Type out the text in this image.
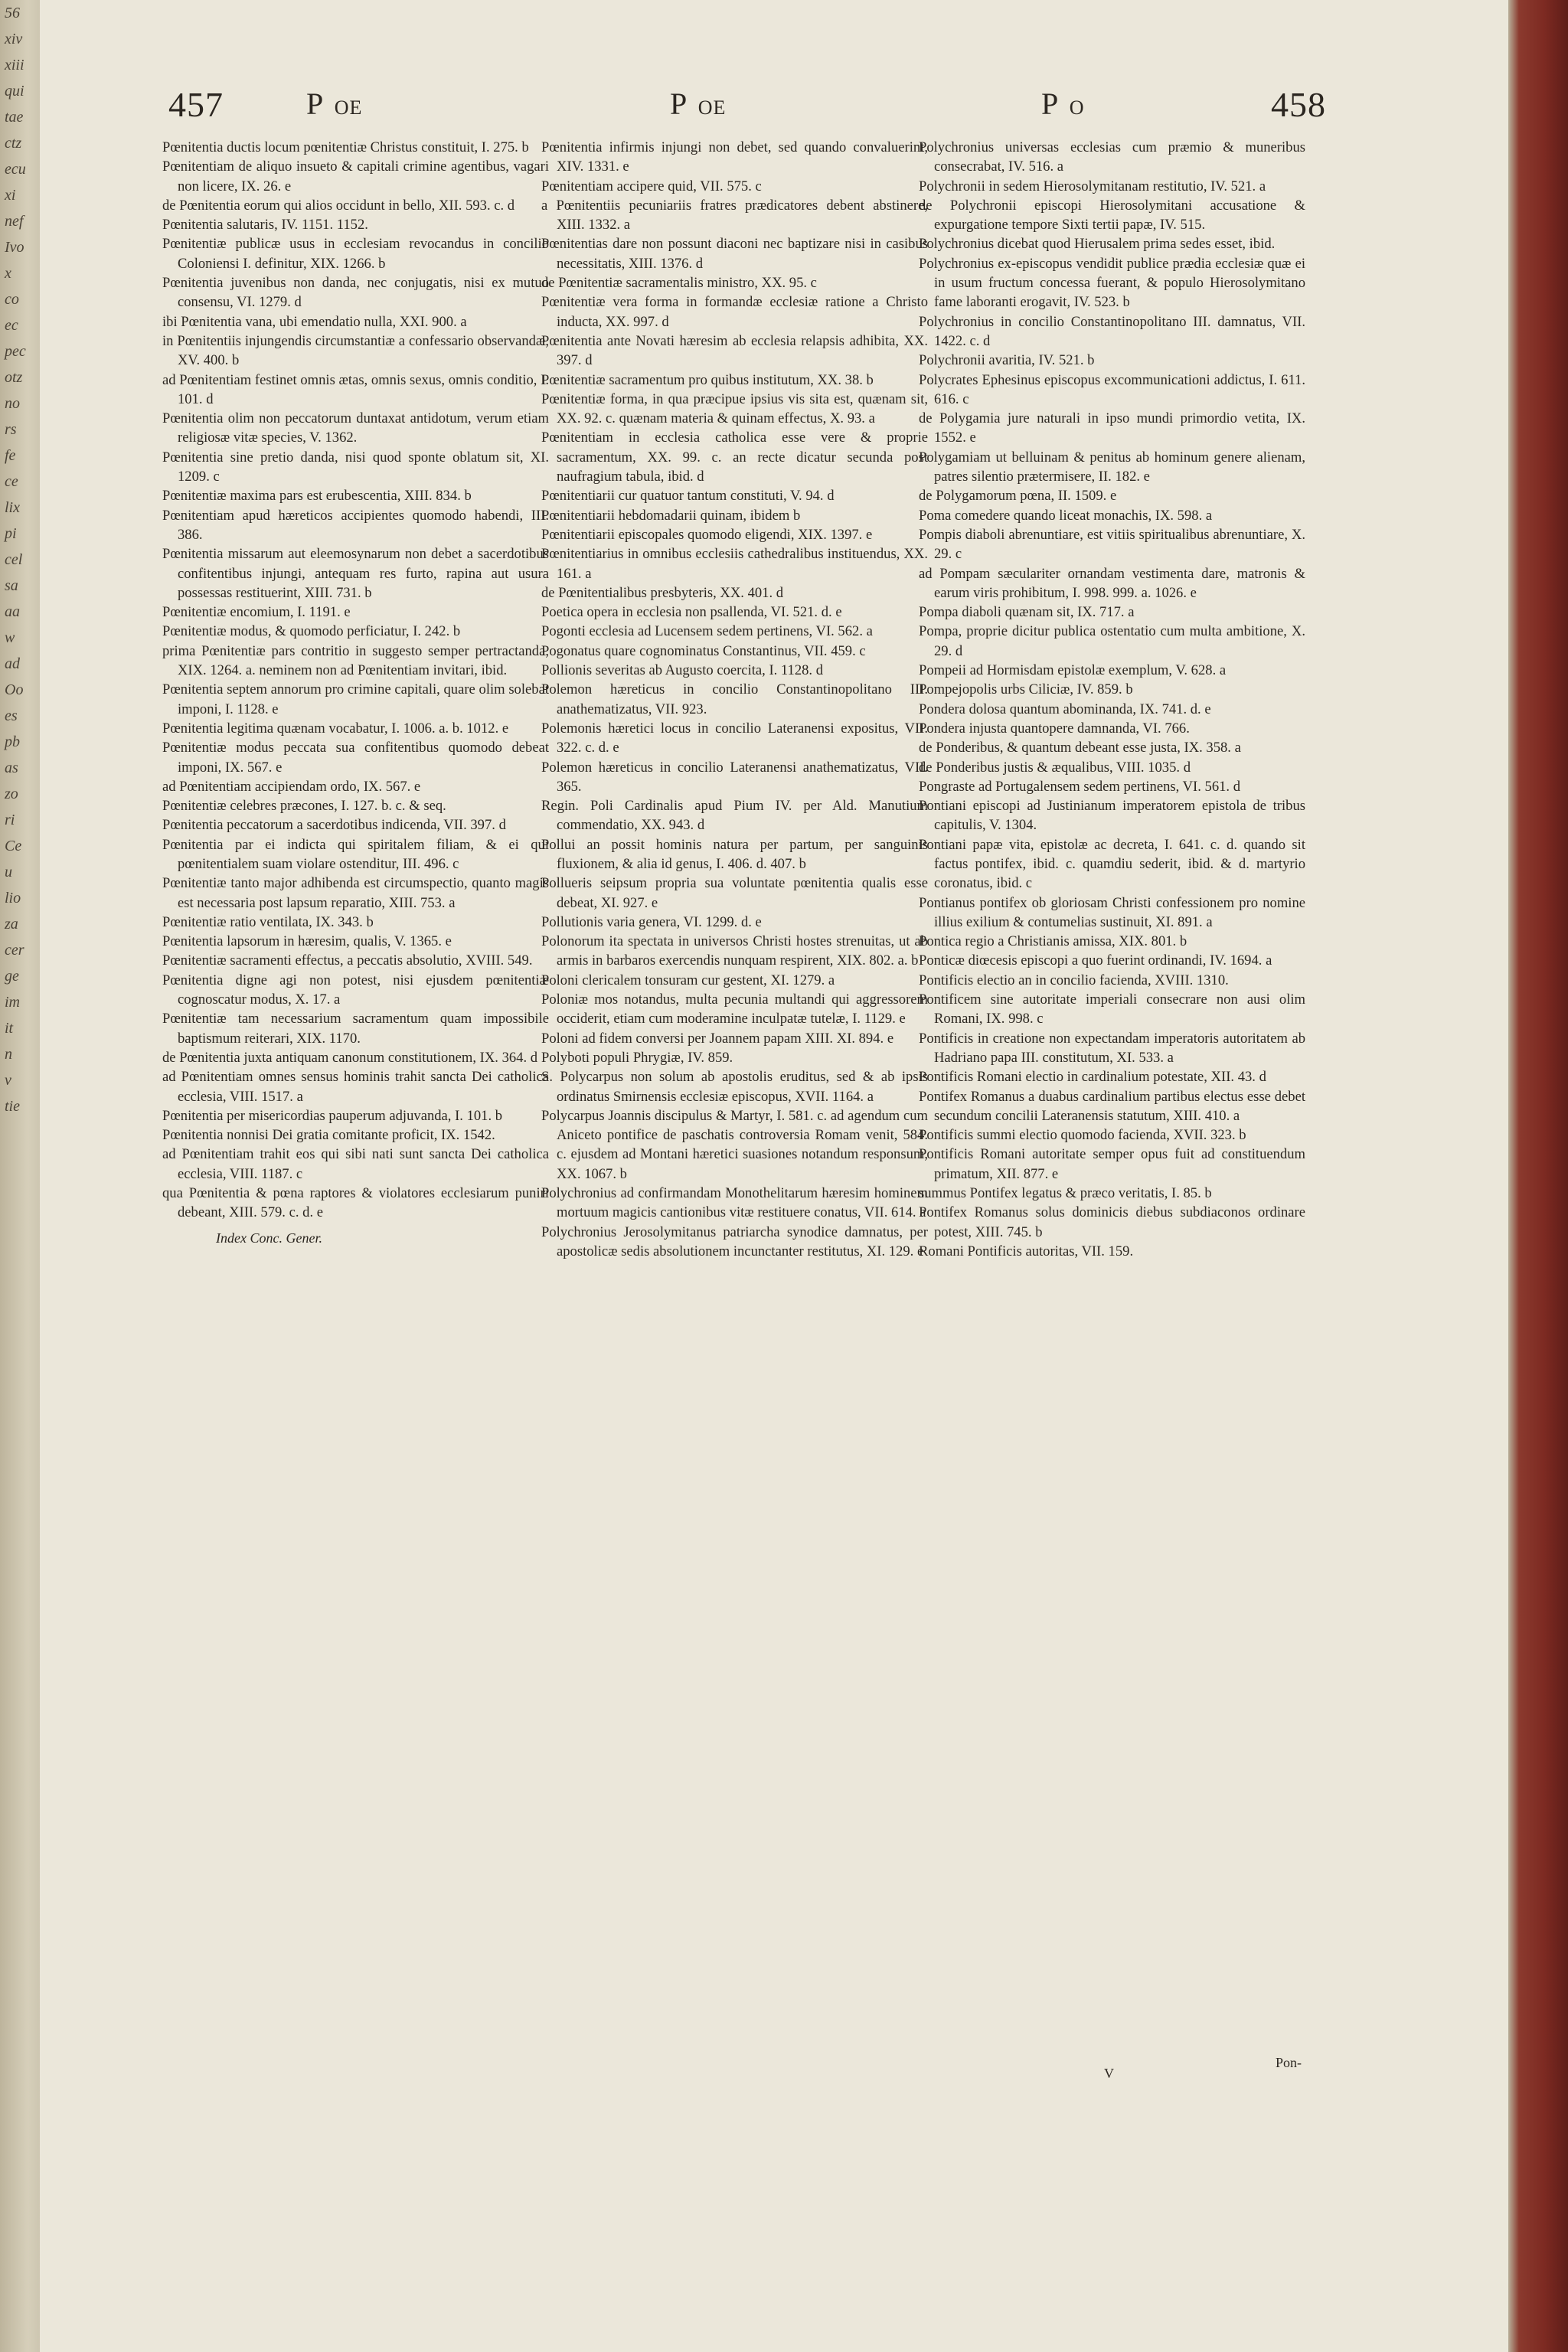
56
xiv
xiii
qui
tae
ctz
ecu
xi
nef
Ivo
x
co
ec
pec
otz
no
rs
fe
ce
lix
pi
cel
sa
aa
w
ad
Oo
es
pb
as
zo
ri
Ce
u
lio
za
cer
ge
im
it
n
v
tie
457	P OE	P OE	P O	458

Pœnitentia ductis locum pœnitentiæ Christus constituit, I. 275. b

Pœnitentiam de aliquo insueto & capitali crimine agentibus, vagari non licere, IX. 26. e

de Pœnitentia eorum qui alios occidunt in bello, XII. 593. c. d

Pœnitentia salutaris, IV. 1151. 1152.

Pœnitentiæ publicæ usus in ecclesiam revocandus in concilio Coloniensi I. definitur, XIX. 1266. b

Pœnitentia juvenibus non danda, nec conjugatis, nisi ex mutuo consensu, VI. 1279. d

ibi Pœnitentia vana, ubi emendatio nulla, XXI. 900. a

in Pœnitentiis injungendis circumstantiæ a confessario observandæ, XV. 400. b

ad Pœnitentiam festinet omnis ætas, omnis sexus, omnis conditio, I. 101. d

Pœnitentia olim non peccatorum duntaxat antidotum, verum etiam religiosæ vitæ species, V. 1362.

Pœnitentia sine pretio danda, nisi quod sponte oblatum sit, XI. 1209. c

Pœnitentiæ maxima pars est erubescentia, XIII. 834. b

Pœnitentiam apud hæreticos accipientes quomodo habendi, III. 386.

Pœnitentia missarum aut eleemosynarum non debet a sacerdotibus confitentibus injungi, antequam res furto, rapina aut usura possessas restituerint, XIII. 731. b

Pœnitentiæ encomium, I. 1191. e

Pœnitentiæ modus, & quomodo perficiatur, I. 242. b

prima Pœnitentiæ pars contritio in suggesto semper pertractanda, XIX. 1264. a. neminem non ad Pœnitentiam invitari, ibid.

Pœnitentia septem annorum pro crimine capitali, quare olim solebat imponi, I. 1128. e

Pœnitentia legitima quænam vocabatur, I. 1006. a. b. 1012. e

Pœnitentiæ modus peccata sua confitentibus quomodo debeat imponi, IX. 567. e

ad Pœnitentiam accipiendam ordo, IX. 567. e

Pœnitentiæ celebres præcones, I. 127. b. c. & seq.

Pœnitentia peccatorum a sacerdotibus indicenda, VII. 397. d

Pœnitentia par ei indicta qui spiritalem filiam, & ei qui pœnitentialem suam violare ostenditur, III. 496. c

Pœnitentiæ tanto major adhibenda est circumspectio, quanto magis est necessaria post lapsum reparatio, XIII. 753. a

Pœnitentiæ ratio ventilata, IX. 343. b

Pœnitentia lapsorum in hæresim, qualis, V. 1365. e

Pœnitentiæ sacramenti effectus, a peccatis absolutio, XVIII. 549.

Pœnitentia digne agi non potest, nisi ejusdem pœnitentiæ cognoscatur modus, X. 17. a

Pœnitentiæ tam necessarium sacramentum quam impossibile baptismum reiterari, XIX. 1170.

de Pœnitentia juxta antiquam canonum constitutionem, IX. 364. d

ad Pœnitentiam omnes sensus hominis trahit sancta Dei catholica ecclesia, VIII. 1517. a

Pœnitentia per misericordias pauperum adjuvanda, I. 101. b

Pœnitentia nonnisi Dei gratia comitante proficit, IX. 1542.

ad Pœnitentiam trahit eos qui sibi nati sunt sancta Dei catholica ecclesia, VIII. 1187. c

qua Pœnitentia & pœna raptores & violatores ecclesiarum puniri debeant, XIII. 579. c. d. e

Index Conc. Gener.

Pœnitentia infirmis injungi non debet, sed quando convaluerint, XIV. 1331. e

Pœnitentiam accipere quid, VII. 575. c

a Pœnitentiis pecuniariis fratres prædicatores debent abstinere, XIII. 1332. a

Pœnitentias dare non possunt diaconi nec baptizare nisi in casibus necessitatis, XIII. 1376. d

de Pœnitentiæ sacramentalis ministro, XX. 95. c

Pœnitentiæ vera forma in formandæ ecclesiæ ratione a Christo inducta, XX. 997. d

Pœnitentia ante Novati hæresim ab ecclesia relapsis adhibita, XX. 397. d

Pœnitentiæ sacramentum pro quibus institutum, XX. 38. b

Pœnitentiæ forma, in qua præcipue ipsius vis sita est, quænam sit, XX. 92. c. quænam materia & quinam effectus, X. 93. a

Pœnitentiam in ecclesia catholica esse vere & proprie sacramentum, XX. 99. c. an recte dicatur secunda post naufragium tabula, ibid. d

Pœnitentiarii cur quatuor tantum constituti, V. 94. d

Pœnitentiarii hebdomadarii quinam, ibidem b

Pœnitentiarii episcopales quomodo eligendi, XIX. 1397. e

Pœnitentiarius in omnibus ecclesiis cathedralibus instituendus, XX. 161. a

de Pœnitentialibus presbyteris, XX. 401. d

Poetica opera in ecclesia non psallenda, VI. 521. d. e

Pogonti ecclesia ad Lucensem sedem pertinens, VI. 562. a

Pogonatus quare cognominatus Constantinus, VII. 459. c

Pollionis severitas ab Augusto coercita, I. 1128. d

Polemon hæreticus in concilio Constantinopolitano III. anathematizatus, VII. 923.

Polemonis hæretici locus in concilio Lateranensi expositus, VII. 322. c. d. e

Polemon hæreticus in concilio Lateranensi anathematizatus, VII. 365.

Regin. Poli Cardinalis apud Pium IV. per Ald. Manutium commendatio, XX. 943. d

Pollui an possit hominis natura per partum, per sanguinis fluxionem, & alia id genus, I. 406. d. 407. b

Pollueris seipsum propria sua voluntate pœnitentia qualis esse debeat, XI. 927. e

Pollutionis varia genera, VI. 1299. d. e

Polonorum ita spectata in universos Christi hostes strenuitas, ut ab armis in barbaros exercendis nunquam respirent, XIX. 802. a. b

Poloni clericalem tonsuram cur gestent, XI. 1279. a

Poloniæ mos notandus, multa pecunia multandi qui aggressorem occiderit, etiam cum moderamine inculpatæ tutelæ, I. 1129. e

Poloni ad fidem conversi per Joannem papam XIII. XI. 894. e

Polyboti populi Phrygiæ, IV. 859.

S. Polycarpus non solum ab apostolis eruditus, sed & ab ipsis ordinatus Smirnensis ecclesiæ episcopus, XVII. 1164. a

Polycarpus Joannis discipulus & Martyr, I. 581. c. ad agendum cum Aniceto pontifice de paschatis controversia Romam venit, 584. c. ejusdem ad Montani hæretici suasiones notandum responsum, XX. 1067. b

Polychronius ad confirmandam Monothelitarum hæresim hominem mortuum magicis cantionibus vitæ restituere conatus, VII. 614. a

Polychronius Jerosolymitanus patriarcha synodice damnatus, per apostolicæ sedis absolutionem incunctanter restitutus, XI. 129. e

Polychronius universas ecclesias cum præmio & muneribus consecrabat, IV. 516. a

Polychronii in sedem Hierosolymitanam restitutio, IV. 521. a

de Polychronii episcopi Hierosolymitani accusatione & expurgatione tempore Sixti tertii papæ, IV. 515.

Polychronius dicebat quod Hierusalem prima sedes esset, ibid.

Polychronius ex-episcopus vendidit publice prædia ecclesiæ quæ ei in usum fructum concessa fuerant, & populo Hierosolymitano fame laboranti erogavit, IV. 523. b

Polychronius in concilio Constantinopolitano III. damnatus, VII. 1422. c. d

Polychronii avaritia, IV. 521. b

Polycrates Ephesinus episcopus excommunicationi addictus, I. 611. 616. c

de Polygamia jure naturali in ipso mundi primordio vetita, IX. 1552. e

Polygamiam ut belluinam & penitus ab hominum genere alienam, patres silentio prætermisere, II. 182. e

de Polygamorum pœna, II. 1509. e

Poma comedere quando liceat monachis, IX. 598. a

Pompis diaboli abrenuntiare, est vitiis spiritualibus abrenuntiare, X. 29. c

ad Pompam sæculariter ornandam vestimenta dare, matronis & earum viris prohibitum, I. 998. 999. a. 1026. e

Pompa diaboli quænam sit, IX. 717. a

Pompa, proprie dicitur publica ostentatio cum multa ambitione, X. 29. d

Pompeii ad Hormisdam epistolæ exemplum, V. 628. a

Pompejopolis urbs Ciliciæ, IV. 859. b

Pondera dolosa quantum abominanda, IX. 741. d. e

Pondera injusta quantopere damnanda, VI. 766.

de Ponderibus, & quantum debeant esse justa, IX. 358. a

de Ponderibus justis & æqualibus, VIII. 1035. d

Pongraste ad Portugalensem sedem pertinens, VI. 561. d

Pontiani episcopi ad Justinianum imperatorem epistola de tribus capitulis, V. 1304.

Pontiani papæ vita, epistolæ ac decreta, I. 641. c. d. quando sit factus pontifex, ibid. c. quamdiu sederit, ibid. & d. martyrio coronatus, ibid. c

Pontianus pontifex ob gloriosam Christi confessionem pro nomine illius exilium & contumelias sustinuit, XI. 891. a

Pontica regio a Christianis amissa, XIX. 801. b

Ponticæ diœcesis episcopi a quo fuerint ordinandi, IV. 1694. a

Pontificis electio an in concilio facienda, XVIII. 1310.

Pontificem sine autoritate imperiali consecrare non ausi olim Romani, IX. 998. c

Pontificis in creatione non expectandam imperatoris autoritatem ab Hadriano papa III. constitutum, XI. 533. a

Pontificis Romani electio in cardinalium potestate, XII. 43. d

Pontifex Romanus a duabus cardinalium partibus electus esse debet secundum concilii Lateranensis statutum, XIII. 410. a

Pontificis summi electio quomodo facienda, XVII. 323. b

Pontificis Romani autoritate semper opus fuit ad constituendum primatum, XII. 877. e

summus Pontifex legatus & præco veritatis, I. 85. b

Pontifex Romanus solus dominicis diebus subdiaconos ordinare potest, XIII. 745. b

Romani Pontificis autoritas, VII. 159.

V
Pon-
